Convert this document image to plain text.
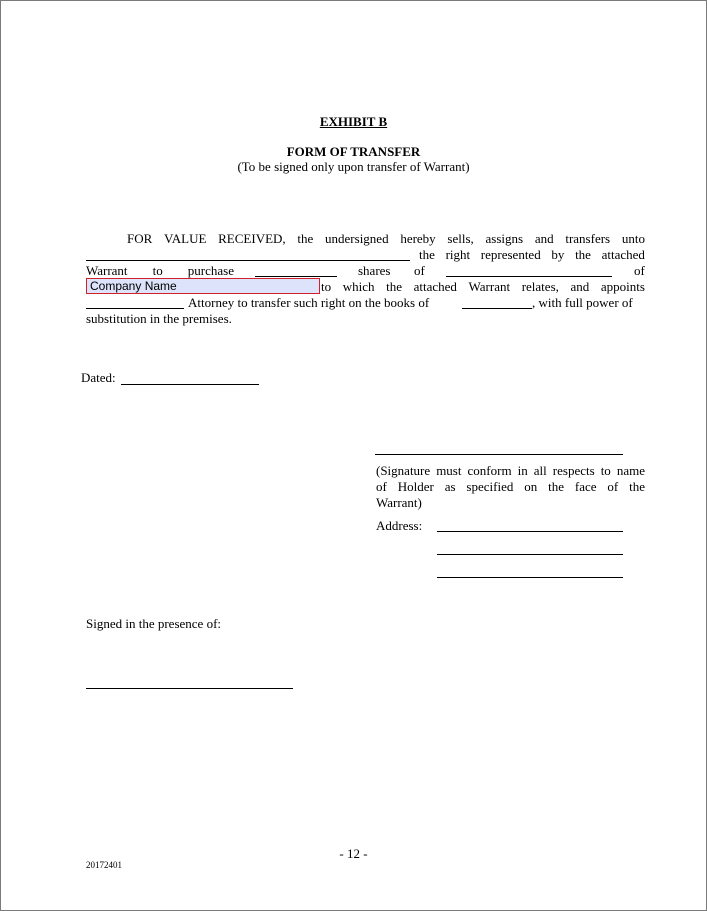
EXHIBIT B
FORM OF TRANSFER
(To be signed only upon transfer of Warrant)
FOR VALUE RECEIVED, the undersigned hereby sells, assigns and transfers unto
the right represented by the attached
Warrant to purchase	shares of	of
Company Name	to which the attached Warrant relates, and appoints
Attorney to transfer such right on the books of	, with full power of
substitution in the premises.
Dated:
(Signature must conform in all respects to name
of Holder as specified on the face of the
Warrant)
Address:
Signed in the presence of:
- 12 -
20172401
